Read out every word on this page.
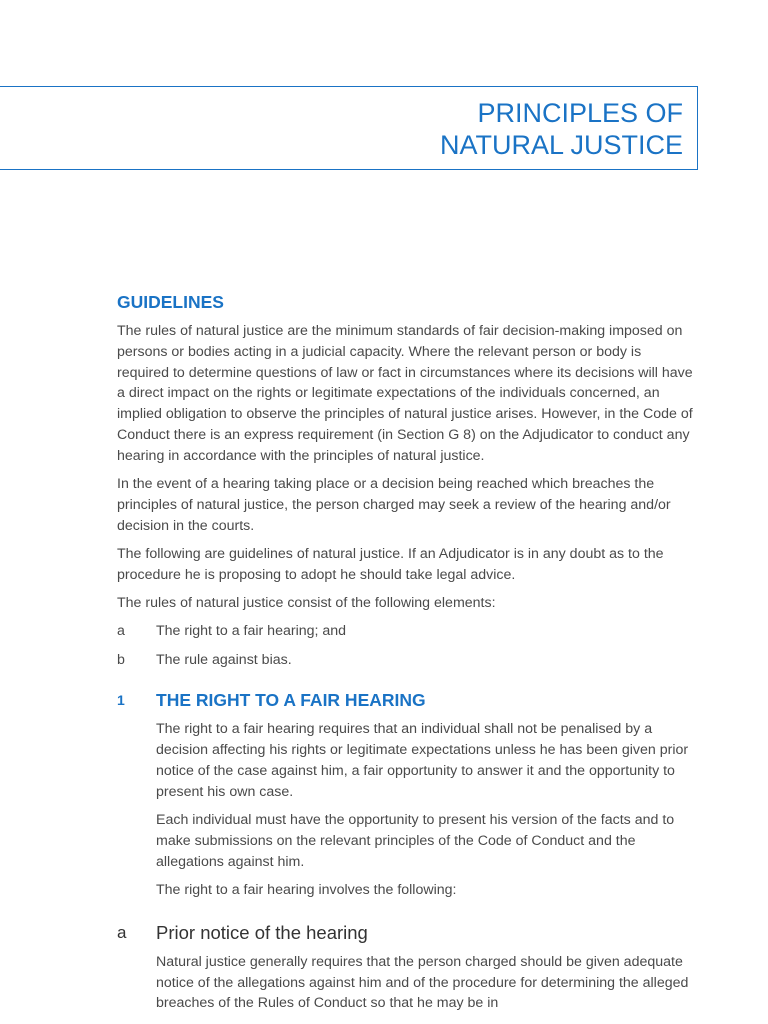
PRINCIPLES OF
NATURAL JUSTICE
GUIDELINES

The rules of natural justice are the minimum standards of fair decision-making imposed on persons or bodies acting in a judicial capacity. Where the relevant person or body is required to determine questions of law or fact in circumstances where its decisions will have a direct impact on the rights or legitimate expectations of the individuals concerned, an implied obligation to observe the principles of natural justice arises. However, in the Code of Conduct there is an express requirement (in Section G 8) on the Adjudicator to conduct any hearing in accordance with the principles of natural justice.

In the event of a hearing taking place or a decision being reached which breaches the principles of natural justice, the person charged may seek a review of the hearing and/or decision in the courts.

The following are guidelines of natural justice. If an Adjudicator is in any doubt as to the procedure he is proposing to adopt he should take legal advice.

The rules of natural justice consist of the following elements:

a	The right to a fair hearing; and
b	The rule against bias.
1	THE RIGHT TO A FAIR HEARING

The right to a fair hearing requires that an individual shall not be penalised by a decision affecting his rights or legitimate expectations unless he has been given prior notice of the case against him, a fair opportunity to answer it and the opportunity to present his own case.

Each individual must have the opportunity to present his version of the facts and to make submissions on the relevant principles of the Code of Conduct and the allegations against him.

The right to a fair hearing involves the following:

a	Prior notice of the hearing

Natural justice generally requires that the person charged should be given adequate notice of the allegations against him and of the procedure for determining the alleged breaches of the Rules of Conduct so that he may be in
